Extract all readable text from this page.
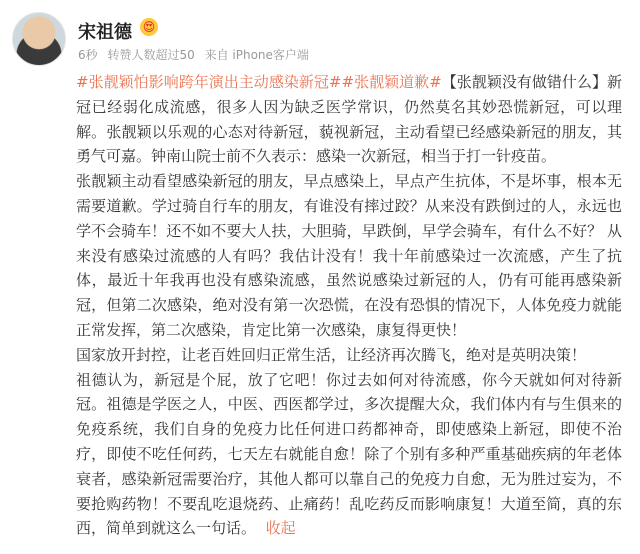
宋祖德 😍
6秒 转赞人数超过50 来自 iPhone客户端

#张靓颖怕影响跨年演出主动感染新冠##张靓颖道歉#【张靓颖没有做错什么】新冠已经弱化成流感，很多人因为缺乏医学常识，仍然莫名其妙恐慌新冠，可以理解。张靓颖以乐观的心态对待新冠，藐视新冠，主动看望已经感染新冠的朋友，其勇气可嘉。钟南山院士前不久表示：感染一次新冠，相当于打一针疫苗。

张靓颖主动看望感染新冠的朋友，早点感染上，早点产生抗体，不是坏事，根本无需要道歉。学过骑自行车的朋友，有谁没有摔过跤？从来没有跌倒过的人，永远也学不会骑车！还不如不要大人扶，大胆骑，早跌倒，早学会骑车，有什么不好？ 从来没有感染过流感的人有吗？我估计没有！我十年前感染过一次流感，产生了抗体，最近十年我再也没有感染流感，虽然说感染过新冠的人，仍有可能再感染新冠，但第二次感染，绝对没有第一次恐慌，在没有恐惧的情况下，人体免疫力就能正常发挥，第二次感染，肯定比第一次感染，康复得更快！

国家放开封控，让老百姓回归正常生活，让经济再次腾飞，绝对是英明决策！

祖德认为，新冠是个屁，放了它吧！你过去如何对待流感，你今天就如何对待新冠。祖德是学医之人，中医、西医都学过，多次提醒大众，我们体内有与生俱来的免疫系统，我们自身的免疫力比任何进口药都神奇，即使感染上新冠，即使不治疗，即使不吃任何药，七天左右就能自愈！除了个别有多种严重基础疾病的年老体衰者，感染新冠需要治疗，其他人都可以靠自己的免疫力自愈，无为胜过妄为，不要抢购药物！不要乱吃退烧药、止痛药！乱吃药反而影响康复！大道至简，真的东西，简单到就这么一句话。 收起
